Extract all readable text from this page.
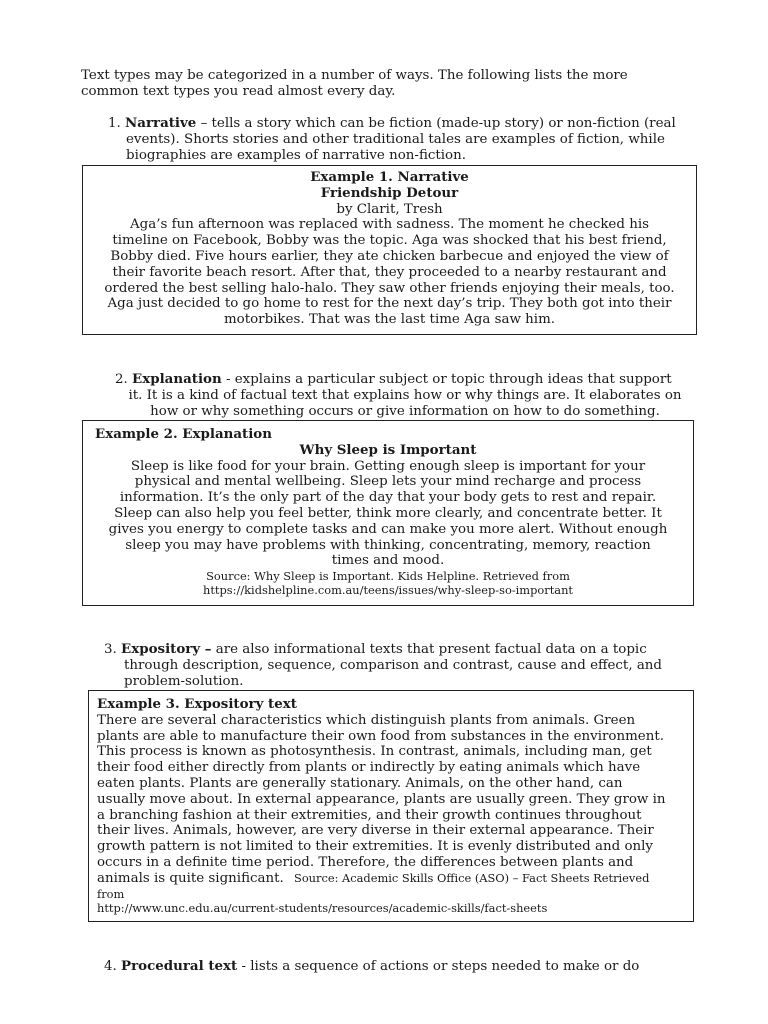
Text types may be categorized in a number of ways. The following lists the more
common text types you read almost every day.
1. Narrative – tells a story which can be fiction (made-up story) or non-fiction (real
events). Shorts stories and other traditional tales are examples of fiction, while
biographies are examples of narrative non-fiction.
Example 1. Narrative
Friendship Detour
by Clarit, Tresh
Aga’s fun afternoon was replaced with sadness. The moment he checked his
timeline on Facebook, Bobby was the topic. Aga was shocked that his best friend,
Bobby died. Five hours earlier, they ate chicken barbecue and enjoyed the view of
their favorite beach resort. After that, they proceeded to a nearby restaurant and
ordered the best selling halo-halo. They saw other friends enjoying their meals, too.
Aga just decided to go home to rest for the next day’s trip. They both got into their
motorbikes. That was the last time Aga saw him.
2. Explanation - explains a particular subject or topic through ideas that support
it. It is a kind of factual text that explains how or why things are. It elaborates on
how or why something occurs or give information on how to do something.
Example 2. Explanation
Why Sleep is Important
Sleep is like food for your brain. Getting enough sleep is important for your
physical and mental wellbeing. Sleep lets your mind recharge and process
information. It’s the only part of the day that your body gets to rest and repair.
Sleep can also help you feel better, think more clearly, and concentrate better. It
gives you energy to complete tasks and can make you more alert. Without enough
sleep you may have problems with thinking, concentrating, memory, reaction
times and mood.
Source: Why Sleep is Important. Kids Helpline. Retrieved from
https://kidshelpline.com.au/teens/issues/why-sleep-so-important
3. Expository – are also informational texts that present factual data on a topic
through description, sequence, comparison and contrast, cause and effect, and
problem-solution.
Example 3. Expository text
There are several characteristics which distinguish plants from animals. Green
plants are able to manufacture their own food from substances in the environment.
This process is known as photosynthesis. In contrast, animals, including man, get
their food either directly from plants or indirectly by eating animals which have
eaten plants. Plants are generally stationary. Animals, on the other hand, can
usually move about. In external appearance, plants are usually green. They grow in
a branching fashion at their extremities, and their growth continues throughout
their lives. Animals, however, are very diverse in their external appearance. Their
growth pattern is not limited to their extremities. It is evenly distributed and only
occurs in a definite time period. Therefore, the differences between plants and
animals is quite significant. Source: Academic Skills Office (ASO) – Fact Sheets Retrieved
from
http://www.unc.edu.au/current-students/resources/academic-skills/fact-sheets
4. Procedural text - lists a sequence of actions or steps needed to make or do
